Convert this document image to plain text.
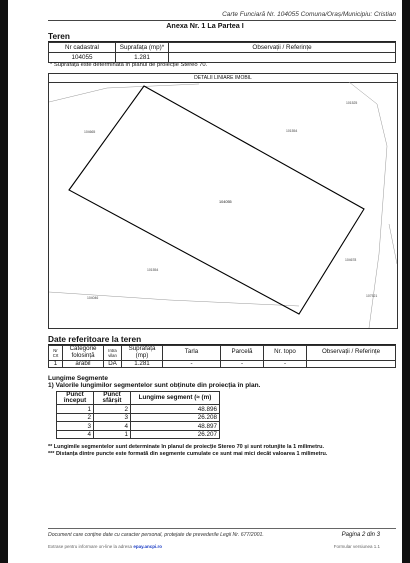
Carte Funciară Nr. 104055 Comuna/Oraș/Municipiu: Cristian
Anexa Nr. 1 La Partea I
Teren
Nr cadastral	Suprafața (mp)*	Observații / Referințe
104055	1.281	
* Suprafața este determinată în planul de proiecție Stereo 70.
DETALII LINIARE IMOBIL
104055
104665	101554
101525
101554
104678
104046	107521
Date referitoare la teren
Nr Crt	Categorie folosință	Intra vilan	Suprafața (mp)	Tarla	Parcelă	Nr. topo	Observații / Referințe
1	arabil	DA	1.281	-	-	-	
Lungime Segmente
1) Valorile lungimilor segmentelor sunt obținute din proiecția în plan.
Punct început	Punct sfârșit	Lungime segment (≈ (m)
1	2	48.896
2	3	26.208
3	4	48.897
4	1	26.207
** Lungimile segmentelor sunt determinate în planul de proiecție Stereo 70 și sunt rotunjite la 1 milimetru.
*** Distanța dintre puncte este formată din segmente cumulate ce sunt mai mici decât valoarea 1 milimetru.
Document care conține date cu caracter personal, protejate de prevederile Legii Nr. 677/2001.	Pagina 2 din 3
Extrase pentru informare on-line la adresa epay.ancpi.ro	Formular versiunea 1.1
